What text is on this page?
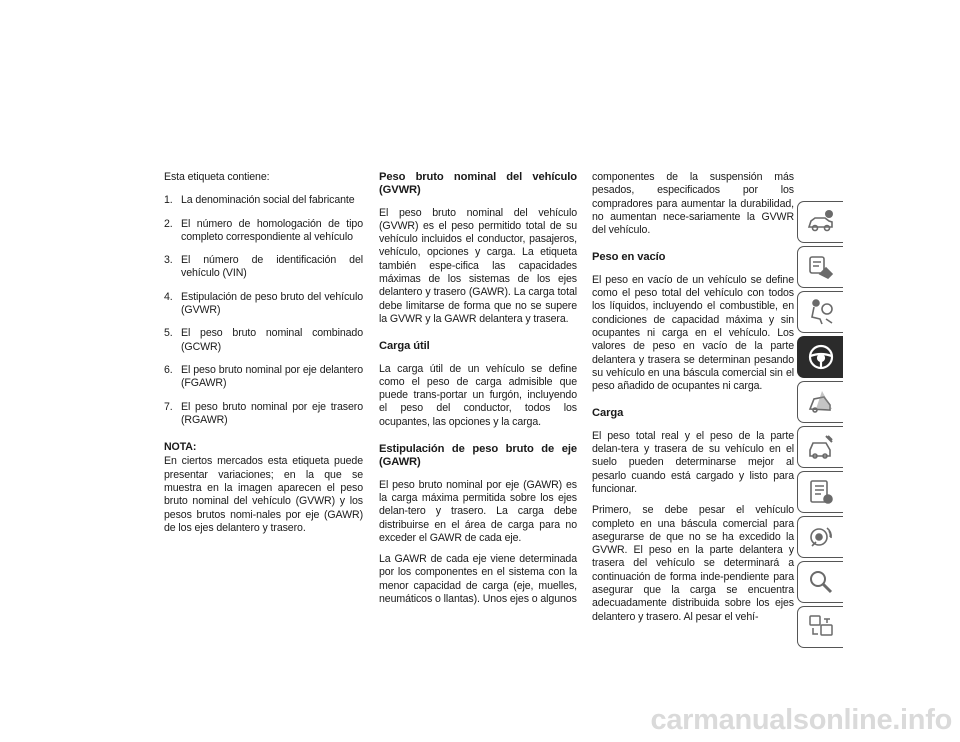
Esta etiqueta contiene:

1. La denominación social del fabricante
2. El número de homologación de tipo completo correspondiente al vehículo
3. El número de identificación del vehículo (VIN)
4. Estipulación de peso bruto del vehículo (GVWR)
5. El peso bruto nominal combinado (GCWR)
6. El peso bruto nominal por eje delantero (FGAWR)
7. El peso bruto nominal por eje trasero (RGAWR)
NOTA:

En ciertos mercados esta etiqueta puede presentar variaciones; en la que se muestra en la imagen aparecen el peso bruto nominal del vehículo (GVWR) y los pesos brutos nomi-nales por eje (GAWR) de los ejes delantero y trasero.

Peso bruto nominal del vehículo (GVWR)

El peso bruto nominal del vehículo (GVWR) es el peso permitido total de su vehículo incluidos el conductor, pasajeros, vehículo, opciones y carga. La etiqueta también espe-cifica las capacidades máximas de los sistemas de los ejes delantero y trasero (GAWR). La carga total debe limitarse de forma que no se supere la GVWR y la GAWR delantera y trasera.

Carga útil

La carga útil de un vehículo se define como el peso de carga admisible que puede trans-portar un furgón, incluyendo el peso del conductor, todos los ocupantes, las opciones y la carga.

Estipulación de peso bruto de eje (GAWR)

El peso bruto nominal por eje (GAWR) es la carga máxima permitida sobre los ejes delan-tero y trasero. La carga debe distribuirse en el área de carga para no exceder el GAWR de cada eje.

La GAWR de cada eje viene determinada por los componentes en el sistema con la menor capacidad de carga (eje, muelles, neumáticos o llantas). Unos ejes o algunos

componentes de la suspensión más pesados, especificados por los compradores para aumentar la durabilidad, no aumentan nece-sariamente la GVWR del vehículo.

Peso en vacío

El peso en vacío de un vehículo se define como el peso total del vehículo con todos los líquidos, incluyendo el combustible, en condiciones de capacidad máxima y sin ocupantes ni carga en el vehículo. Los valores de peso en vacío de la parte delantera y trasera se determinan pesando su vehículo en una báscula comercial sin el peso añadido de ocupantes ni carga.

Carga

El peso total real y el peso de la parte delan-tera y trasera de su vehículo en el suelo pueden determinarse mejor al pesarlo cuando está cargado y listo para funcionar.

Primero, se debe pesar el vehículo completo en una báscula comercial para asegurarse de que no se ha excedido la GVWR. El peso en la parte delantera y trasera del vehículo se determinará a continuación de forma inde-pendiente para asegurar que la carga se encuentra adecuadamente distribuida sobre los ejes delantero y trasero. Al pesar el vehí-

carmanualsonline.info
